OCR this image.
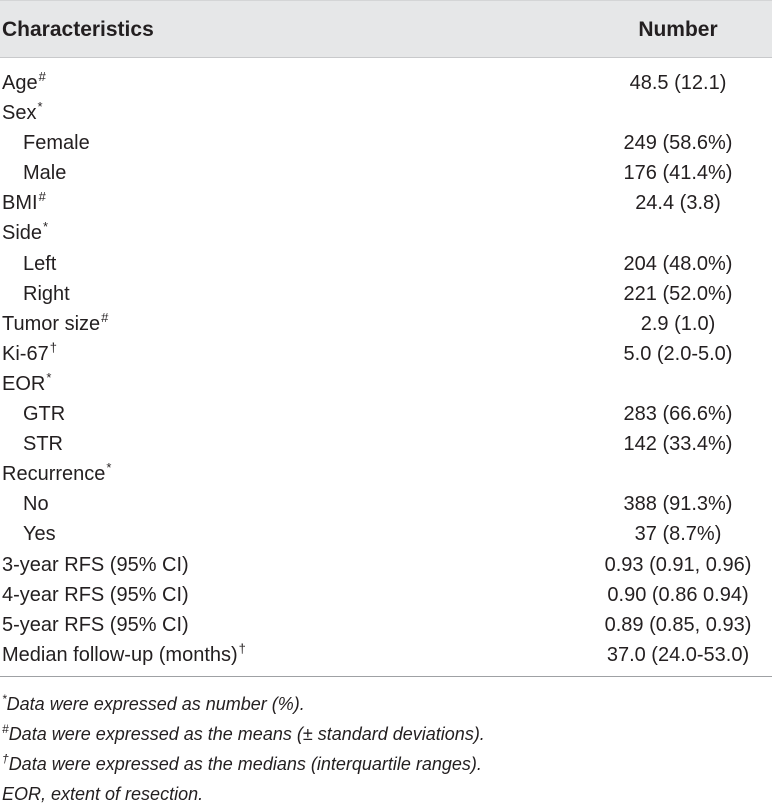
Characteristics	Number
Age#	48.5 (12.1)
Sex*
Female	249 (58.6%)
Male	176 (41.4%)
BMI#	24.4 (3.8)
Side*
Left	204 (48.0%)
Right	221 (52.0%)
Tumor size#	2.9 (1.0)
Ki-67†	5.0 (2.0-5.0)
EOR*
GTR	283 (66.6%)
STR	142 (33.4%)
Recurrence*
No	388 (91.3%)
Yes	37 (8.7%)
3-year RFS (95% CI)	0.93 (0.91, 0.96)
4-year RFS (95% CI)	0.90 (0.86 0.94)
5-year RFS (95% CI)	0.89 (0.85, 0.93)
Median follow-up (months)†	37.0 (24.0-53.0)
*Data were expressed as number (%).
#Data were expressed as the means (± standard deviations).
†Data were expressed as the medians (interquartile ranges).
EOR, extent of resection.
